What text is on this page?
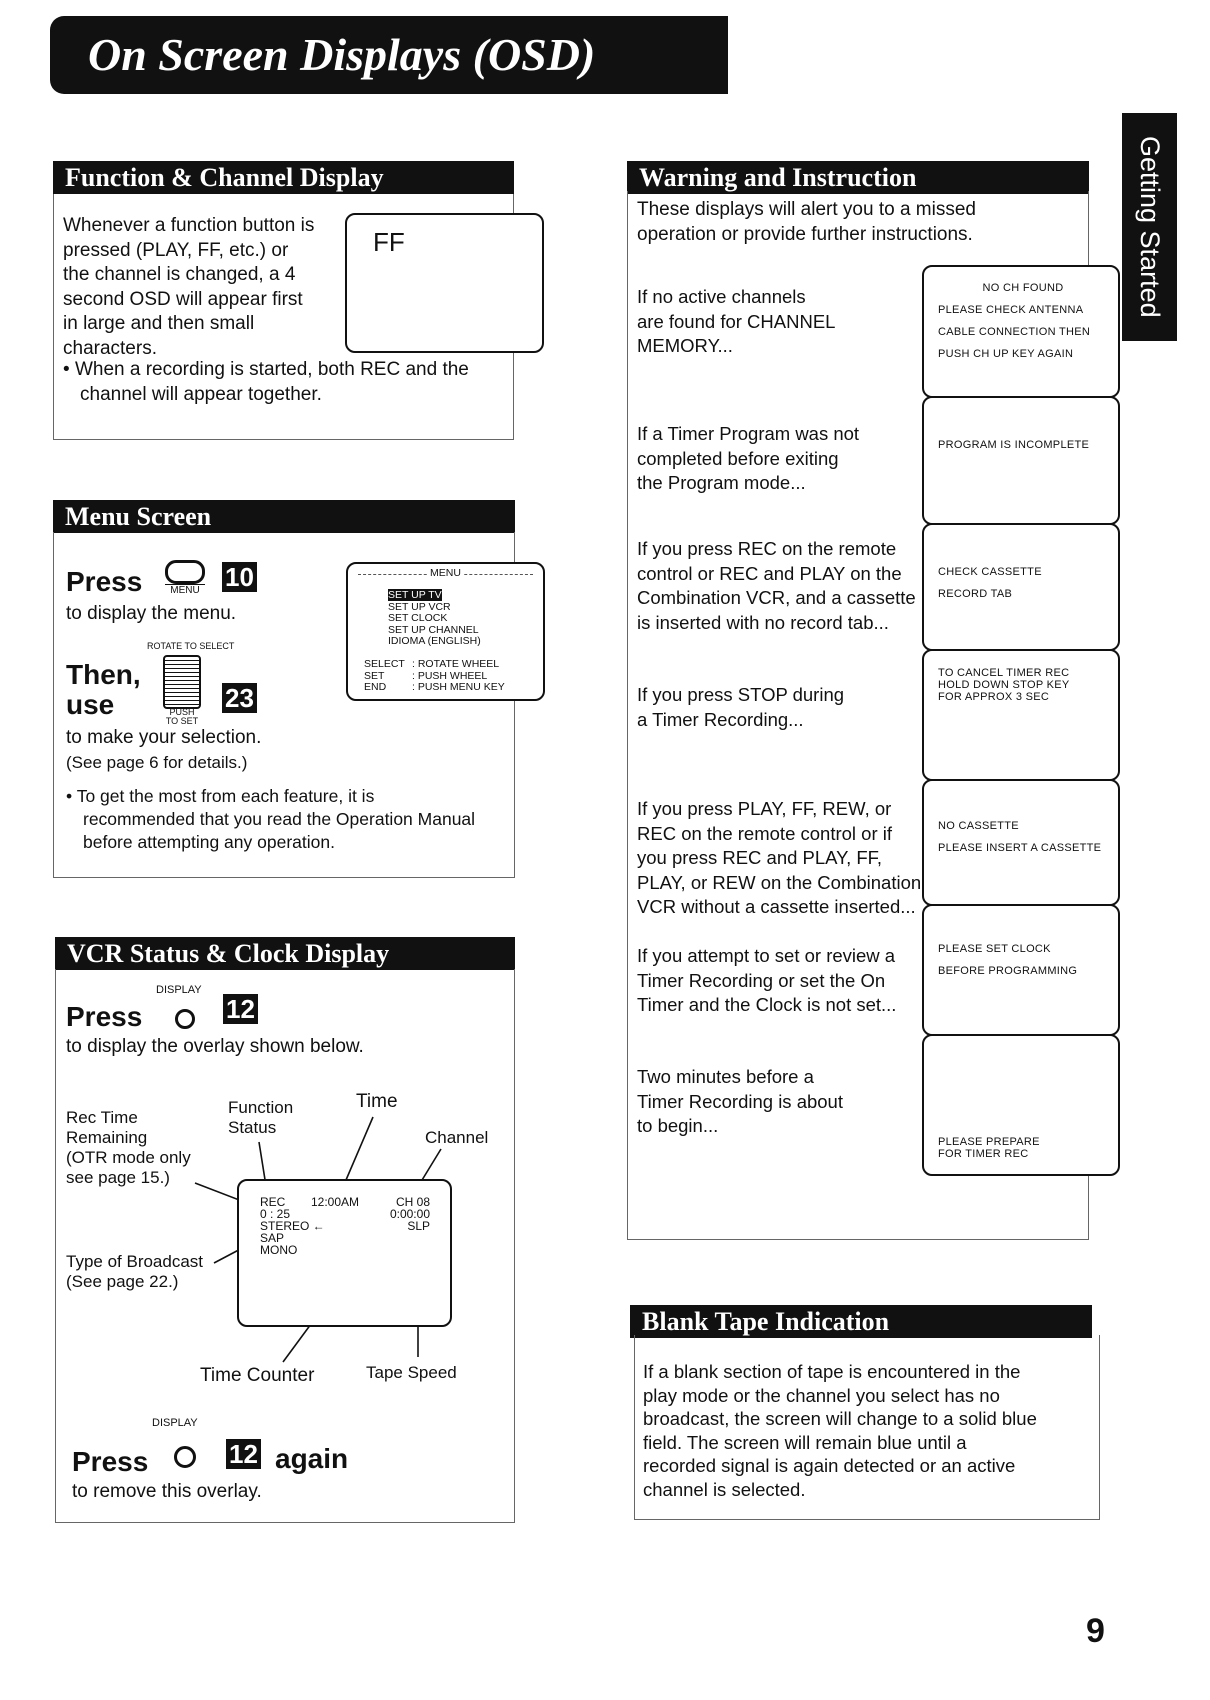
On Screen Displays (OSD)
Getting Started
Function & Channel Display
Whenever a function button is
pressed (PLAY, FF, etc.) or
the channel is changed, a 4
second OSD will appear first
in large and then small
characters.
FF
• When a recording is started, both REC and the
channel will appear together.
Menu Screen
Press	MENU 10
to display the menu.
ROTATE TO SELECT
Then,
use	PUSH TO SET
23
to make your selection.
(See page 6 for details.)
• To get the most from each feature, it is
recommended that you read the Operation Manual
before attempting any operation.
MENU
SET UP TV
SET UP VCR
SET CLOCK
SET UP CHANNEL
IDIOMA (ENGLISH)
SELECT : ROTATE WHEEL
SET	: PUSH WHEEL
END : PUSH MENU KEY
VCR Status & Clock Display
DISPLAY
Press	12
to display the overlay shown below.
REC
0 : 25
STEREO ←
SAP
MONO
12:00AM	CH 08
0:00:00
SLP
Rec Time
Remaining
(OTR mode only
see page 15.)
Function
Status
Time
Channel
Type of Broadcast
(See page 22.)
Time Counter	Tape Speed
DISPLAY
Press	12 again
to remove this overlay.
Warning and Instruction
These displays will alert you to a missed
operation or provide further instructions.
If no active channels
are found for CHANNEL
MEMORY...
NO CH FOUND
PLEASE CHECK ANTENNA
CABLE CONNECTION THEN
PUSH CH UP KEY AGAIN
If a Timer Program was not
completed before exiting
the Program mode...
PROGRAM IS INCOMPLETE
If you press REC on the remote
control or REC and PLAY on the
Combination VCR, and a cassette
is inserted with no record tab...
CHECK CASSETTE
RECORD TAB
If you press STOP during
a Timer Recording...
TO CANCEL TIMER REC
HOLD DOWN STOP KEY
FOR APPROX 3 SEC
If you press PLAY, FF, REW, or
REC on the remote control or if
you press REC and PLAY, FF,
PLAY, or REW on the Combination
VCR without a cassette inserted...
NO CASSETTE
PLEASE INSERT A CASSETTE
If you attempt to set or review a
Timer Recording or set the On
Timer and the Clock is not set...
PLEASE SET CLOCK
BEFORE PROGRAMMING
Two minutes before a
Timer Recording is about
to begin...
PLEASE PREPARE
FOR TIMER REC
Blank Tape Indication
If a blank section of tape is encountered in the
play mode or the channel you select has no
broadcast, the screen will change to a solid blue
field. The screen will remain blue until a
recorded signal is again detected or an active
channel is selected.
9
